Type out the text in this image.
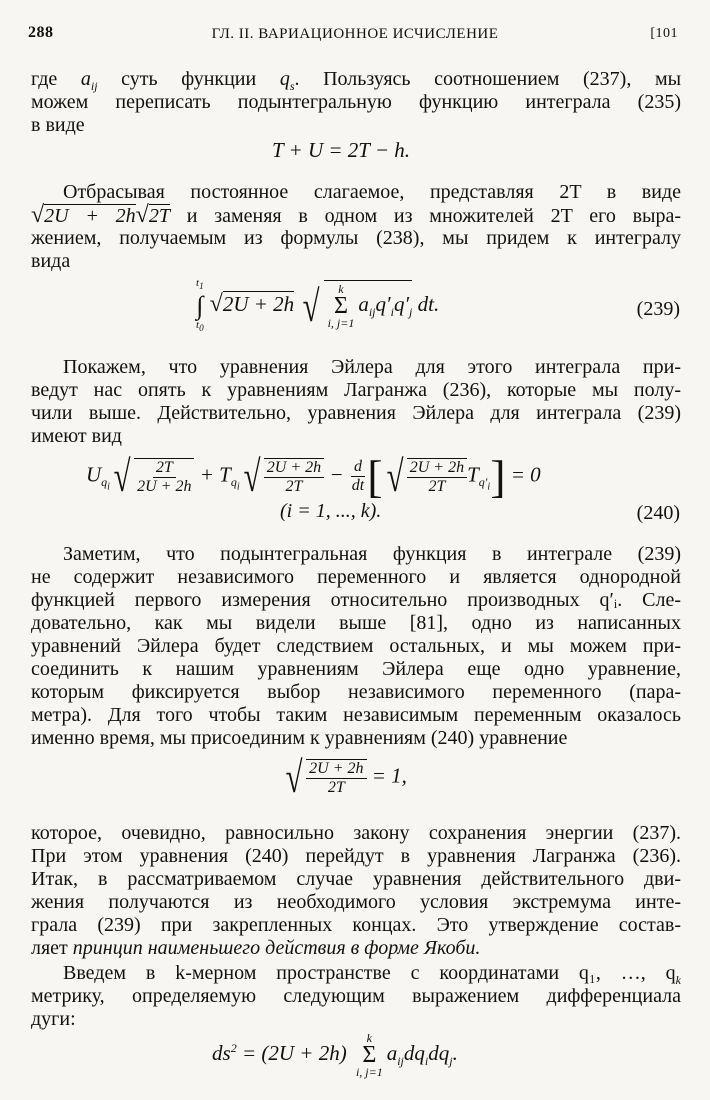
288	ГЛ. II. ВАРИАЦИОННОЕ ИСЧИСЛЕНИЕ	[101
где $a_{ij}$ суть функции $q_s$. Пользуясь соотношением (237), мы
можем переписать подынтегральную функцию интеграла (235)
в виде
T + U = 2T − h.
Отбрасывая постоянное слагаемое, представляя 2T в виде
√2U + 2h√2T и заменяя в одном из множителей 2T его выра-
жением, получаемым из формулы (238), мы придем к интегралу
вида
$t_1$
∫
$t_0$
√2U + 2h √ k
Σ
i, j=1
$a_{ij}q'_iq'_j$ dt.	(239)
Покажем, что уравнения Эйлера для этого интеграла при-
ведут нас опять к уравнениям Лагранжа (236), которые мы полу-
чили выше. Действительно, уравнения Эйлера для интеграла (239)
имеют вид
$U_{q_i}√ \frac{2T}{2U + 2h} + T_{q_i}√ \frac{2U + 2h}{2T} - \frac{d}{dt}$ [√ $\frac{2U + 2h}{2T} T_{q'_i}] = 0$
(i = 1, ..., k).	(240)
Заметим, что подынтегральная функция в интеграле (239)
не содержит независимого переменного и является однородной
функцией первого измерения относительно производных q′ᵢ. Сле-
довательно, как мы видели выше [81], одно из написанных
уравнений Эйлера будет следствием остальных, и мы можем при-
соединить к нашим уравнениям Эйлера еще одно уравнение,
которым фиксируется выбор независимого переменного (пара-
метра). Для того чтобы таким независимым переменным оказалось
именно время, мы присоединим к уравнениям (240) уравнение
√ $\frac{2U + 2h}{2T} = 1$,
которое, очевидно, равносильно закону сохранения энергии (237).
При этом уравнения (240) перейдут в уравнения Лагранжа (236).
Итак, в рассматриваемом случае уравнения действительного дви-
жения получаются из необходимого условия экстремума инте-
грала (239) при закрепленных концах. Это утверждение состав-
ляет принцип наименьшего действия в форме Якоби.
Введем в k-мерном пространстве с координатами q₁, …, $q_k$
метрику, определяемую следующим выражением дифференциала
дуги:
$ds^2 = (2U + 2h)$
k
Σ
i, j=1
$a_{ij}dq_idq_j$.
